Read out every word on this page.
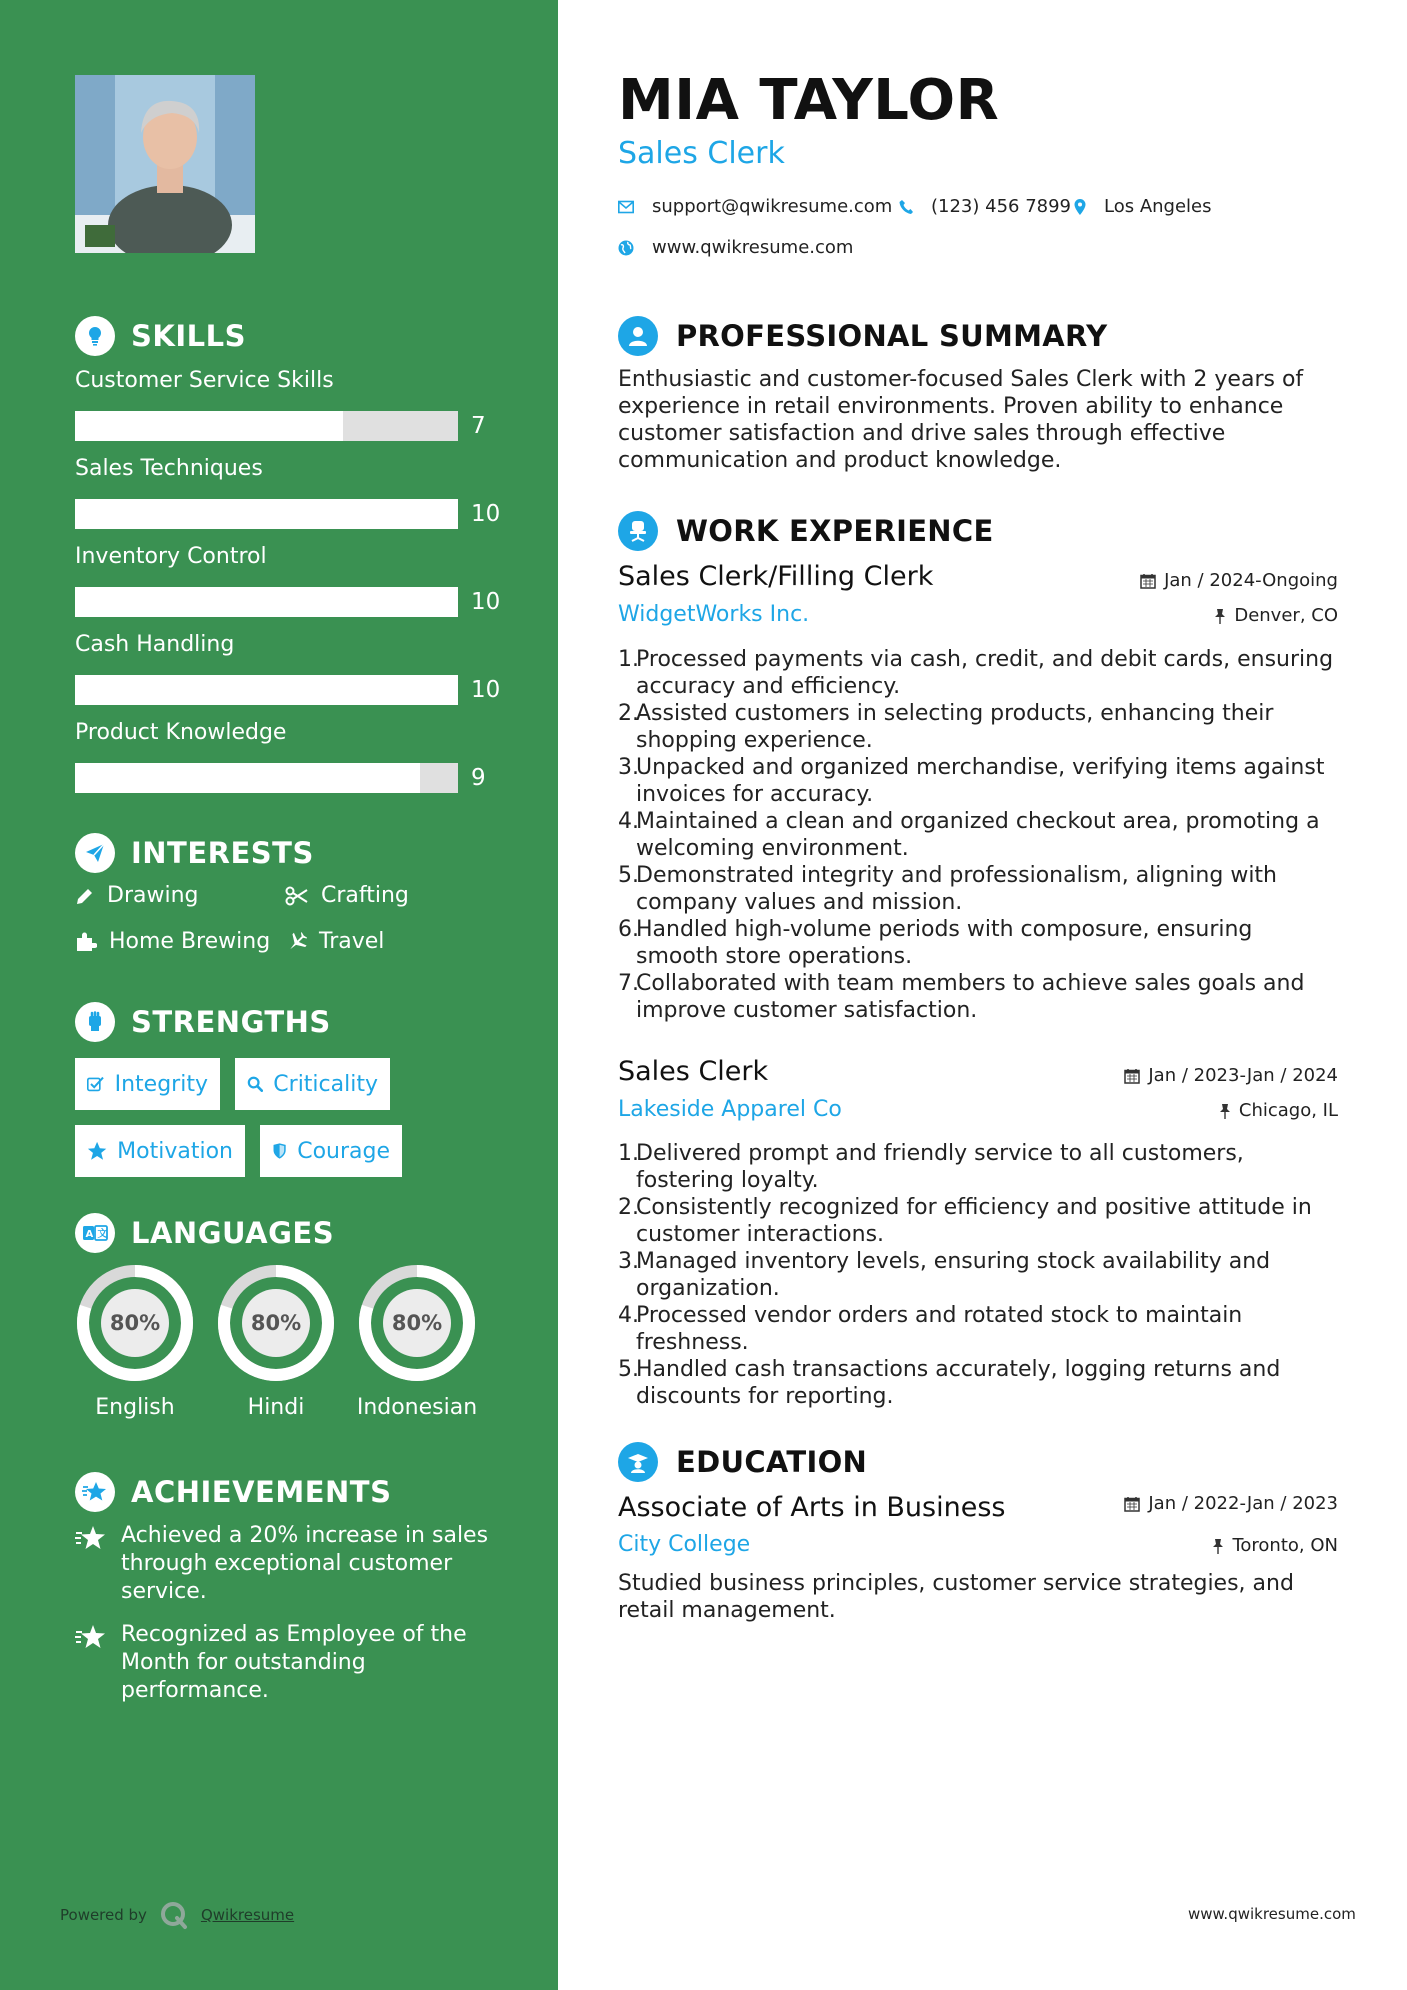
SKILLS
Customer Service Skills
7
Sales Techniques
10
Inventory Control
10
Cash Handling
10
Product Knowledge
9
INTERESTS
Drawing	Crafting
Home Brewing Travel
STRENGTHS
Integrity	Criticality
Motivation	Courage
A 文 LANGUAGES
80%
English
80%
Hindi
80%
Indonesian
ACHIEVEMENTS
Achieved a 20% increase in sales through exceptional customer service.
Recognized as Employee of the Month for outstanding performance.
Powered by	Qwikresume
MIA TAYLOR
Sales Clerk
support@qwikresume.com (123) 456 7899 Los Angeles
www.qwikresume.com
PROFESSIONAL SUMMARY
Enthusiastic and customer-focused Sales Clerk with 2 years of experience in retail environments. Proven ability to enhance customer satisfaction and drive sales through effective communication and product knowledge.
WORK EXPERIENCE
Sales Clerk/Filling Clerk	Jan / 2024-Ongoing
WidgetWorks Inc.	Denver, CO
1.
Processed payments via cash, credit, and debit cards, ensuring accuracy and efficiency.
2.
Assisted customers in selecting products, enhancing their shopping experience.
3.
Unpacked and organized merchandise, verifying items against invoices for accuracy.
4.
Maintained a clean and organized checkout area, promoting a welcoming environment.
5.
Demonstrated integrity and professionalism, aligning with company values and mission.
6.
Handled high-volume periods with composure, ensuring smooth store operations.
7.
Collaborated with team members to achieve sales goals and improve customer satisfaction.
Sales Clerk	Jan / 2023-Jan / 2024
Lakeside Apparel Co	Chicago, IL
1.
Delivered prompt and friendly service to all customers, fostering loyalty.
2.
Consistently recognized for efficiency and positive attitude in customer interactions.
3.
Managed inventory levels, ensuring stock availability and organization.
4.
Processed vendor orders and rotated stock to maintain freshness.
5.
Handled cash transactions accurately, logging returns and discounts for reporting.
EDUCATION
Associate of Arts in Business	Jan / 2022-Jan / 2023
City College	Toronto, ON
Studied business principles, customer service strategies, and retail management.
www.qwikresume.com
